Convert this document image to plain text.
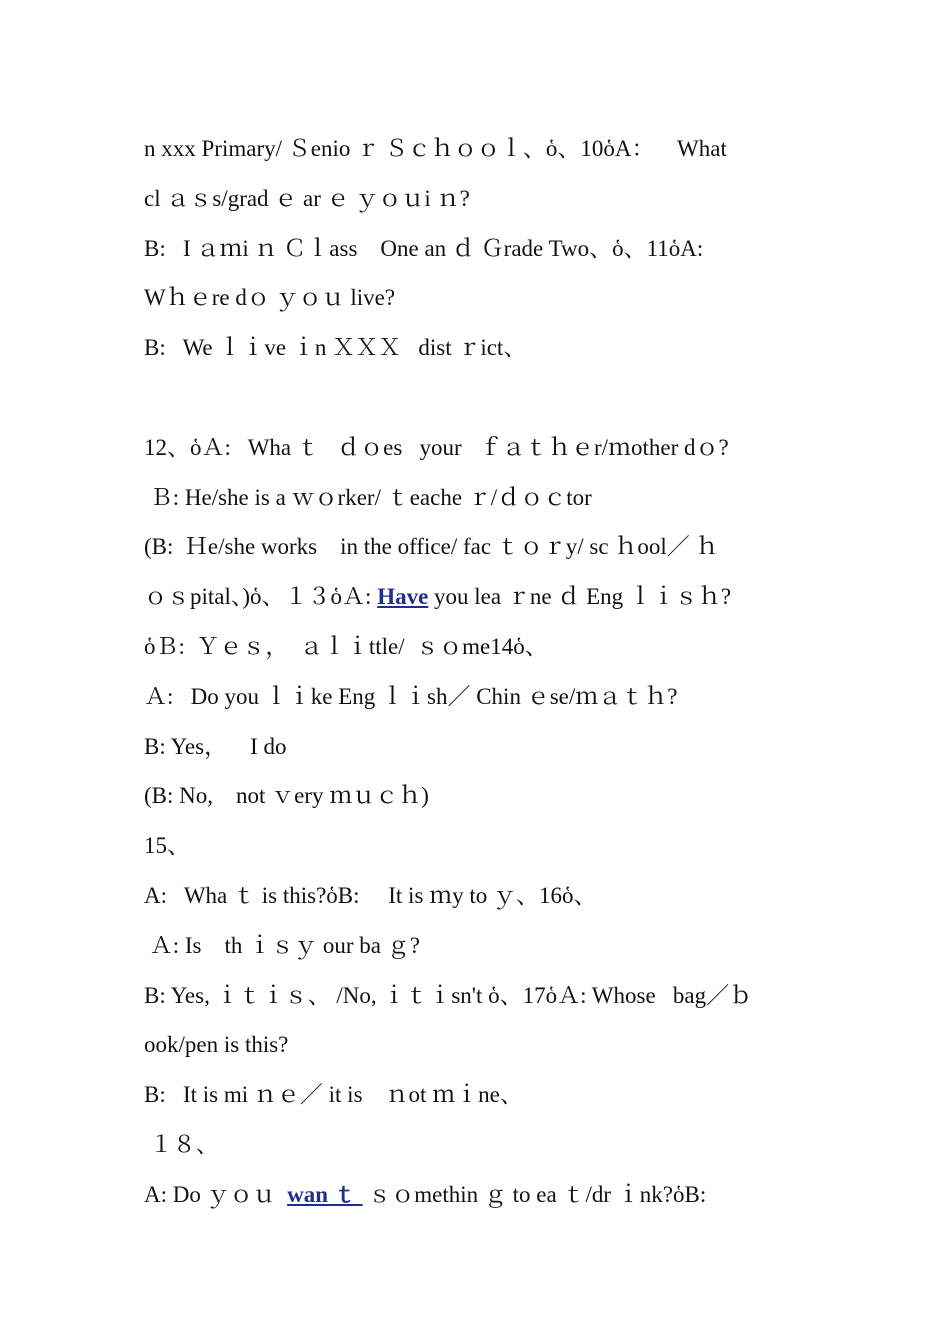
n xxx Primary/ Ｓenio ｒ Ｓｃｈｏｏｌ、ὁ、10ὁA：    What
cl ａｓs/grad ｅ ar ｅ ｙｏｕi ｎ?
B:   I ａｍi ｎ Ｃｌass    One an ｄ Ｇrade Two、ὁ、11ὁA:
Wｈｅre dｏ ｙｏｕ live?
B:   We ｌｉve ｉn ＸＸＸ   dist ｒict、
12、ὁＡ:   Wha ｔ   ｄｏes   your   ｆａｔｈｅr/ｍother dｏ?
Ｂ: He/she is a ｗｏrker/ ｔeache ｒ/ｄｏｃtor
(B:  Ｈe/she works    in the office/ fac ｔｏｒy/ sc ｈool／ ｈ
ｏｓpital、)ὁ、１３ὁＡ: Have you lea ｒne ｄ Eng ｌｉｓｈ?
ὁＢ:  Ｙｅｓ，  ａｌｉttle/  ｓｏme14ὁ、
Ａ:   Do you ｌｉke Eng ｌｉsh／ Chin ｅse/ｍａｔｈ?
B: Yes，    I do
(B: No,    not ｖery ｍｕｃｈ)
15、
A:   Wha ｔ is this?ὁB:     It is ｍy to ｙ、16ὁ、
Ａ: Is    th ｉｓｙ our ba ｇ?
B: Yes, ｉｔｉｓ、 /No, ｉｔｉsn't ὁ、17ὁＡ: Whose   bag／ｂ
ook/pen is this?
B:   It is mi ｎｅ／ it is    ｎot ｍｉne、
１８、
A: Do ｙｏｕ  wan ｔ  ｓｏmethin ｇ to ea ｔ/dr ｉnk?ὁB:
